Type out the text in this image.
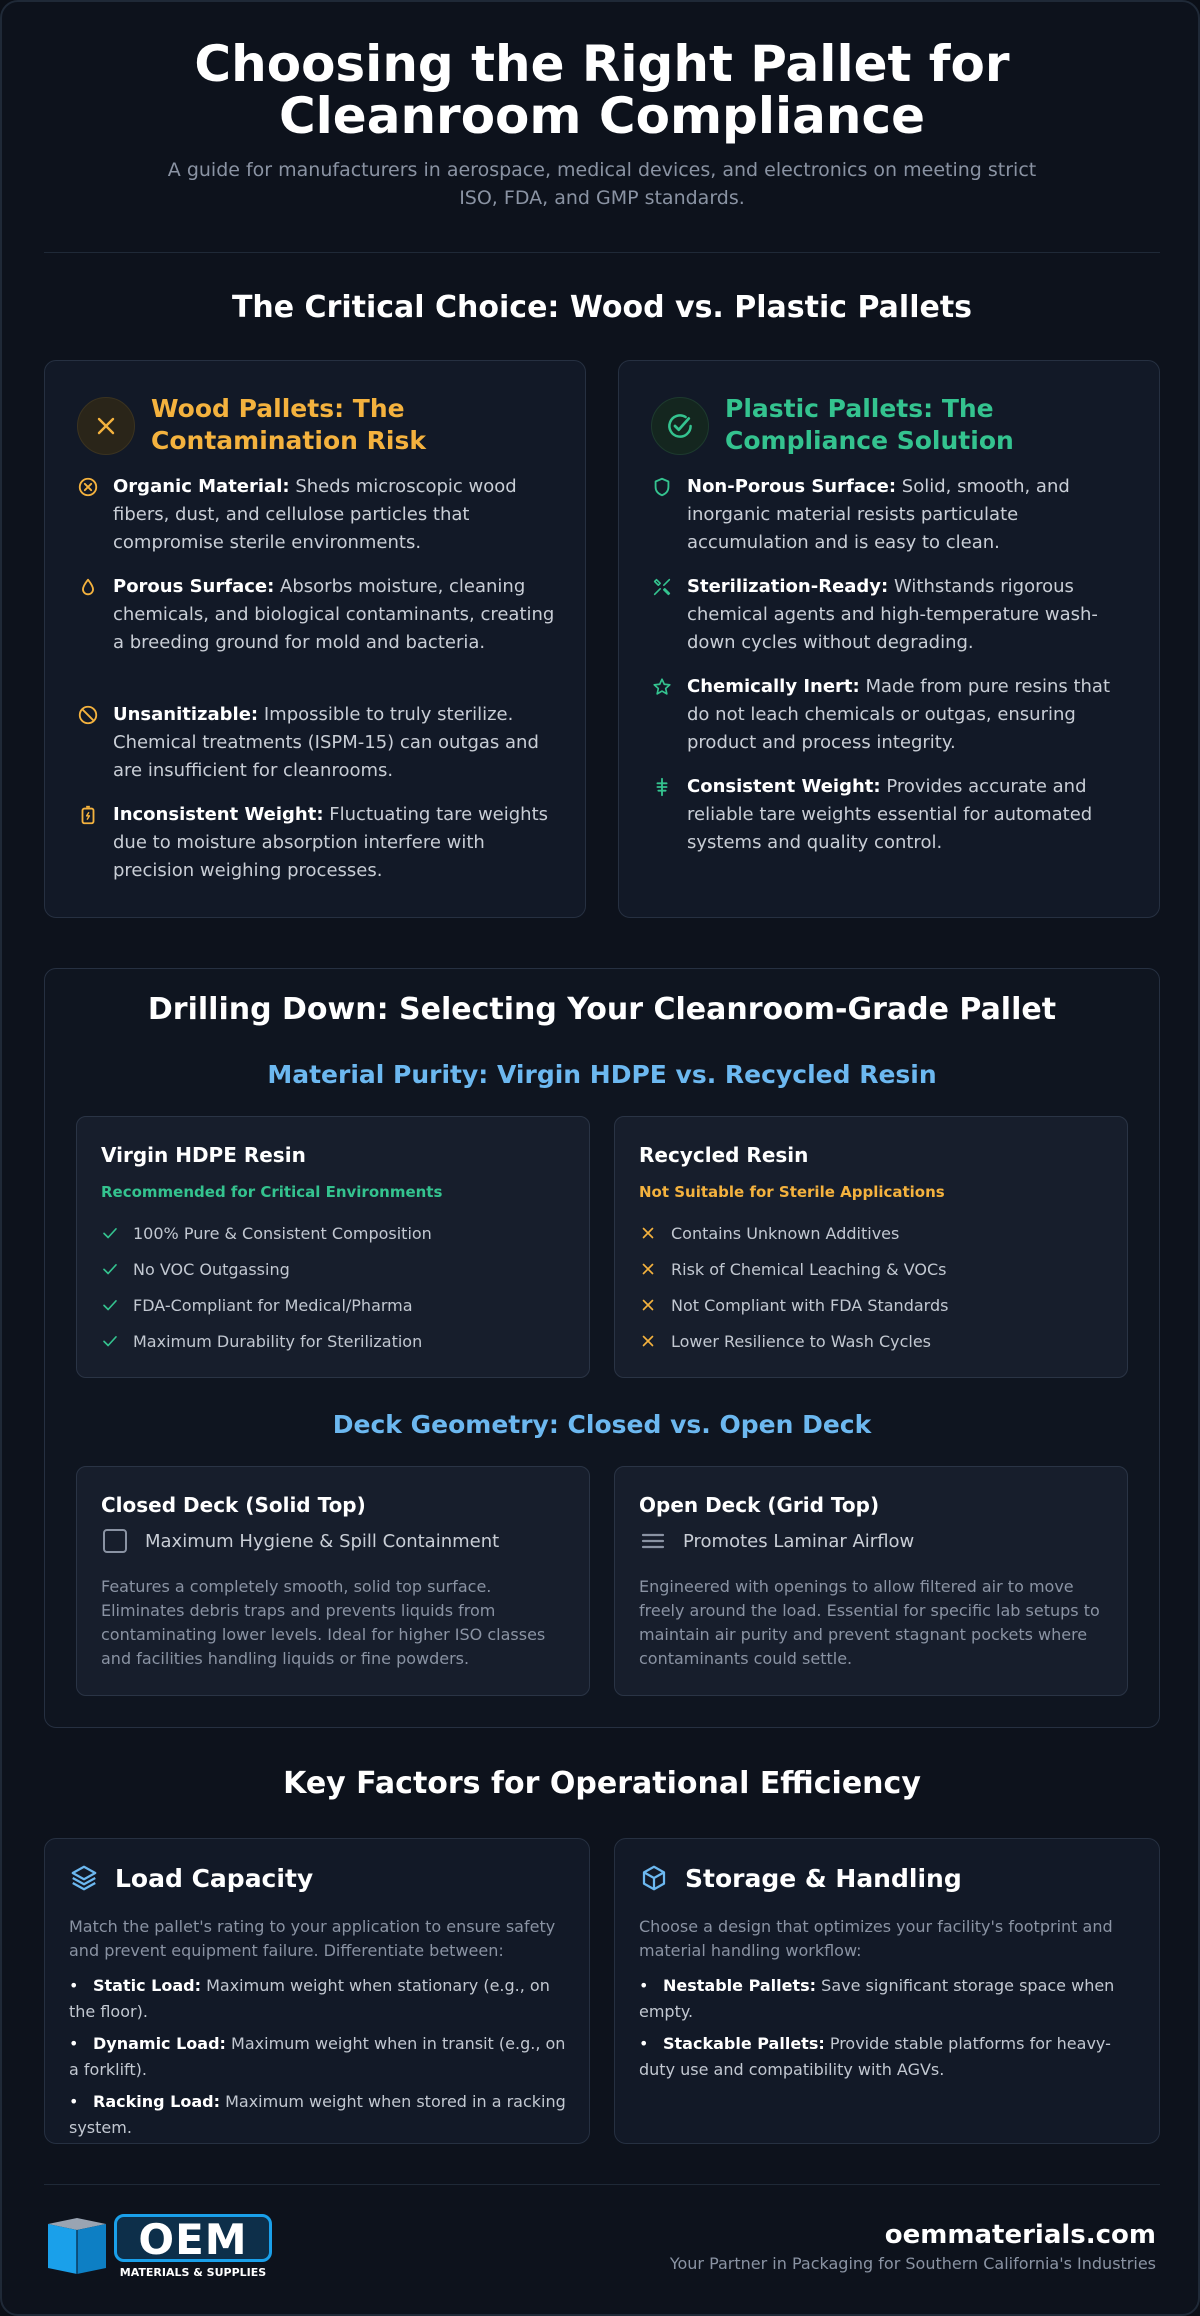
Choosing the Right Pallet for Cleanroom Compliance
A guide for manufacturers in aerospace, medical devices, and electronics on meeting strict ISO, FDA, and GMP standards.
The Critical Choice: Wood vs. Plastic Pallets
Wood Pallets: The Contamination Risk
Organic Material: Sheds microscopic wood fibers, dust, and cellulose particles that compromise sterile environments.
Porous Surface: Absorbs moisture, cleaning chemicals, and biological contaminants, creating a breeding ground for mold and bacteria.
Unsanitizable: Impossible to truly sterilize. Chemical treatments (ISPM-15) can outgas and are insufficient for cleanrooms.
Inconsistent Weight: Fluctuating tare weights due to moisture absorption interfere with precision weighing processes.
Plastic Pallets: The Compliance Solution
Non-Porous Surface: Solid, smooth, and inorganic material resists particulate accumulation and is easy to clean.
Sterilization-Ready: Withstands rigorous chemical agents and high-temperature wash-down cycles without degrading.
Chemically Inert: Made from pure resins that do not leach chemicals or outgas, ensuring product and process integrity.
Consistent Weight: Provides accurate and reliable tare weights essential for automated systems and quality control.
Drilling Down: Selecting Your Cleanroom-Grade Pallet
Material Purity: Virgin HDPE vs. Recycled Resin
Virgin HDPE Resin
Recommended for Critical Environments
100% Pure & Consistent Composition
No VOC Outgassing
FDA-Compliant for Medical/Pharma
Maximum Durability for Sterilization
Recycled Resin
Not Suitable for Sterile Applications
Contains Unknown Additives
Risk of Chemical Leaching & VOCs
Not Compliant with FDA Standards
Lower Resilience to Wash Cycles
Deck Geometry: Closed vs. Open Deck
Closed Deck (Solid Top)
Maximum Hygiene & Spill Containment
Features a completely smooth, solid top surface. Eliminates debris traps and prevents liquids from contaminating lower levels. Ideal for higher ISO classes and facilities handling liquids or fine powders.
Open Deck (Grid Top)
Promotes Laminar Airflow
Engineered with openings to allow filtered air to move freely around the load. Essential for specific lab setups to maintain air purity and prevent stagnant pockets where contaminants could settle.
Key Factors for Operational Efficiency
Load Capacity
Match the pallet's rating to your application to ensure safety and prevent equipment failure. Differentiate between:
• Static Load: Maximum weight when stationary (e.g., on the floor).
• Dynamic Load: Maximum weight when in transit (e.g., on a forklift).
• Racking Load: Maximum weight when stored in a racking system.
Storage & Handling
Choose a design that optimizes your facility's footprint and material handling workflow:
• Nestable Pallets: Save significant storage space when empty.
• Stackable Pallets: Provide stable platforms for heavy-duty use and compatibility with AGVs.
OEM
MATERIALS & SUPPLIES
oemmaterials.com
Your Partner in Packaging for Southern California's Industries
